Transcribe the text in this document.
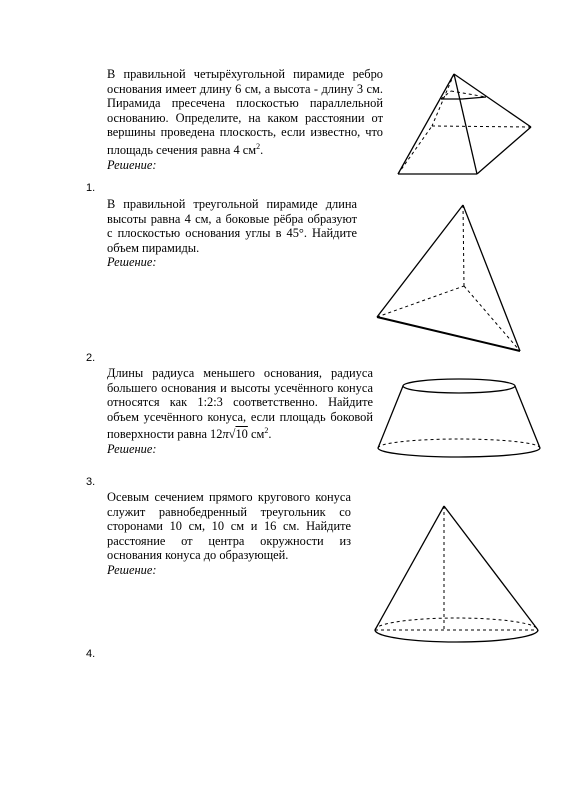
В правильной четырёхугольной пирамиде ребро основания имеет длину 6 см, а высота - длину 3 см. Пирамида пресечена плоскостью параллельной основанию. Определите, на каком расстоянии от вершины проведена плоскость, если известно, что площадь сечения равна 4 $см^2$.

Решение:

1.

В правильной треугольной пирамиде длина высоты равна 4 см, а боковые рёбра образуют с плоскостью основания углы в 45°. Найдите объем пирамиды.

Решение:

2.

Длины радиуса меньшего основания, радиуса большего основания и высоты усечённого конуса относятся как 1:2:3 соответственно. Найдите объем усечённого конуса, если площадь боковой поверхности равна 12π√10 $см^2$.

Решение:

3.

Осевым сечением прямого кругового конуса служит равнобедренный треугольник со сторонами 10 см, 10 см и 16 см. Найдите расстояние от центра окружности из основания конуса до образующей.

Решение:

4.
